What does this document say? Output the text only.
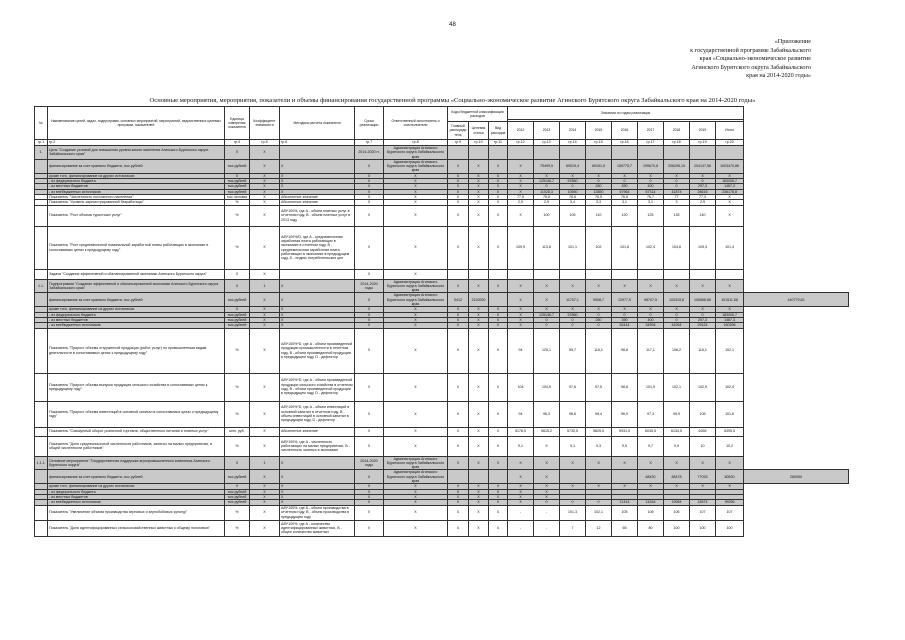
48
«Приложение
к государственной программе Забайкальского
края «Социально-экономическое развитие
Агинского Бурятского округа Забайкальского
края на 2014-2020 годы»
Основные мероприятия, мероприятия, показатели и объемы финансирования государственной программы «Социально-экономическое развитие Агинского Бурятского округа Забайкальского края на 2014-2020 годы»
№	Наименование целей, задач, подпрограмм, основных мероприятий, мероприятий, ведомственных целевых программ, показателей	Единица измерения показателя	Коэффициент значимости	Методика расчета показателя	Сроки реализации	Ответственный исполнитель и соисполнители	Коды бюджетной классификации расходов			Значения по годам реализации									

							Главный распорядитель	Целевая статья	Вид расходов	2012	2013	2014	2015	2016	2017	2018	2019	Итого	
гр.1	гр.2	гр.4	гр.5	гр.6	гр.7	гр.8	гр.9	гр.10	гр.11	гр.12	гр.13	гр.14	гр.15	гр.16	гр.17	гр.18	гр.19	гр.20	
1.	Цель "Создание условий для повышения уровня жизни населения Агинского Бурятского округа Забайкальского края"	Х	Х		2014-2020 гг.	Администрация Агинского Бурятского округа Забайкальского края													
	финансирование за счет краевого бюджета, тыс.рублей	тыс.рублей	Х	Х	Х	Администрация Агинского Бурятского округа Забайкальского края	Х	Х	Х	Х	75499,5	69019,4	89151,9	159775,7	199670,8	206295,15	204147,56	1003470,86	
	кроме того, финансирование из других источников:	Х	Х	Х	Х	Х	Х	Х	Х	Х	Х	Х	Х	Х	Х	Х	Х	Х	
	- из федерального бюджета	тыс.рублей	Х	Х	Х	Х	Х	Х	Х	Х	125146,7	57860	0	0	0	0	0	183006,7	
	- из местных бюджетов	тыс.рублей	Х	Х	Х	Х	Х	Х	Х	Х	0	0	250	390	400	0	297,3	1487,3	
	- из внебюджетных источников	тыс.рублей	Х	Х	Х	Х	Х	Х	Х	Х	11028,3	10550	13850	67964	57314	41874	28616	236178,8	
	Показатель "Численность постоянного населения"	тыс.человек	Х	Абсолютное значение	Х	Х	Х	Х	Х	77,5	76,8	76,6	76,5	76,6	76,7	77	77,3	Х	
	Показатель "Уровень зарегистрированной безработицы"	%	Х	Абсолютное значение	Х	Х	Х	Х	Х	2,5	2,9	3,4	3,3	3,1	3,1	3	2,9	Х	
	Показатель "Рост объема туристских услуг"	%	Х	А/В*100%, где А - объем платных услуг в отчетном году, В - объем платных услуг в 2013 году	Х	Х	Х	Х	Х	Х	100	105	110	120	125	135	140	Х	
	Показатель "Рост среднемесячной номинальной заработной платы работающих в экономике в сопоставимых ценах к предыдущему году"	%	Х	А/В*100%/D, где А - среднемесячная заработная плата работающих в экономике в отчетном году, В - среднемесячная заработная плата работающих в экономике в предыдущем году, D - индекс потребительских цен	Х	Х	Х	Х	Х	109,9	113,8	101,1	102	101,8	102,4	104,6	105,3	101,4	
	Задача "Создание эффективной и сбалансированной экономики Агинского Бурятского округа"	Х	Х		Х	Х													
1.1.	Подпрограмма "Создание эффективной и сбалансированной экономики Агинского Бурятского округа Забайкальского края"	Х	1	Х	2014-2020 годы	Администрация Агинского Бурятского округа Забайкальского края	Х	Х	Х	Х	Х	Х	Х	Х	Х	Х	Х	Х	
	финансирование за счет краевого бюджета, тыс.рублей	тыс.рублей	Х	Х	Х	Администрация Агинского Бурятского округа Забайкальского края	0412	2110000		Х	Х	11707,1	9908,7	12977,5	98707,5	100319,8	106566,68	101511,56	440779,82
	кроме того, финансирование из других источников:	Х	Х	Х	Х	Х	Х	Х	Х	Х	Х	Х	Х	Х	Х	Х	Х	Х	
	- из федерального бюджета	тыс.рублей	Х	Х	Х	Х	Х	Х	Х	Х	125146,7	57860	0	0	0	0	0	183006,7	
	- из местных бюджетов	тыс.рублей	Х	Х	Х	Х	Х	Х	Х	Х	0	0	250	390	400	0	297,3	1487,3	
	- из внебюджетных источников	тыс.рублей	Х	Х	Х	Х	Х	Х	Х	Х	0	0	0	52414	34594	44264	29124	160396	
	Показатель "Прирост объема отгруженной продукции (работ, услуг) по промышленным видам деятельности в сопоставимых ценах к предыдущему году"	%	Х	А/В*100%*D, где А - объем произведенной продукции промышленности в отчетном году, В - объем произведенной продукции в предыдущем году, D - дефлятор	Х	Х	Х	Х	Х	94	125,1	95,7	115,1	98,8	117,1	106,2	115,1	102,1	
	Показатель "Прирост объема выпуска продукции сельского хозяйства в сопоставимых ценах к предыдущему году"	%	Х	А/В*100%*D, где А - объем произведенной продукции сельского хозяйства в отчетном году, В - объем произведенной продукции в предыдущем году, D - дефлятор	Х	Х	Х	Х	Х	104	104,9	97,6	97,5	98,8	101,9	102,1	102,5	102,4	
	Показатель "Прирост объема инвестиций в основной капитал в сопоставимых ценах к предыдущему году"	%	Х	А/В*100%*D, где А - объем инвестиций в основной капитал в отчетном году, В - объем инвестиций в основной капитал в предыдущем году, D - дефлятор	Х	Х	Х	Х	Х	94	96,3	96,6	98,4	96,9	97,3	99,9	105	101,6	
	Показатель "Совокупный оборот розничной торговли, общественного питания и платных услуг"	млн. руб.	Х	Абсолютное значение	Х	Х	Х	Х	Х	5178,5	5615,2	5730,5	5825,5	5931,5	6035,5	6134,5	6265	6395,5	
	Показатель "Доля среднесписочной численности работников, занятых на малых предприятиях, в общей численности работников"	%	Х	А/В*100%, где А - численность работающих на малых предприятиях, В - численность занятых в экономике	Х	Х	Х	Х	Х	9,1	9	9,1	9,3	9,5	9,7	9,9	10	10,2	
1.1.1.	Основное мероприятие "Государственная поддержка агропромышленного комплекса Агинского Бурятского округа"	Х	1	Х	2014-2020 годы	Администрация Агинского Бурятского округа Забайкальского края	Х	Х	Х	Х	Х	Х	Х	Х	Х	Х	Х	Х	
	финансирование за счет краевого бюджета, тыс.рублей	тыс.рублей	Х	Х	Х	Администрация Агинского Бурятского округа Забайкальского края				Х	Х				68430	88478	77093	60530	280950
	кроме того, финансирование из других источников:	Х	Х	Х	Х	Х	Х	Х	Х	Х	Х	Х	Х	Х	Х	Х	Х	Х	
	- из федерального бюджета	тыс.рублей	Х	Х	Х	Х	Х	Х	Х	Х	Х								
	- из местных бюджетов	тыс.рублей	Х	Х	Х	Х	Х	Х	Х	Х	Х								
	- из внебюджетных источников	тыс.рублей	Х	Х	Х	Х	Х	Х	Х	Х	0	0	0	21414	14344	19984	18574	99256	
	Показатель "Увеличение объема производства зерновых и зернобобовых культур"	%	Х	А/В*100%, где А - объем производства в отчетном году, В - объем производства в предыдущем году	Х	Х	Х	Х	Х	-	-	101,3	102,1	105	106	106	107	107	
	Показатель "Доля идентифицированных сельскохозяйственных животных к общему поголовью"	%	Х	А/В*100%, где А - количество идентифицированных животных, В - общее количество животных	Х	Х	Х	Х	Х	-	-	7	12	65	80	100	100	100	
